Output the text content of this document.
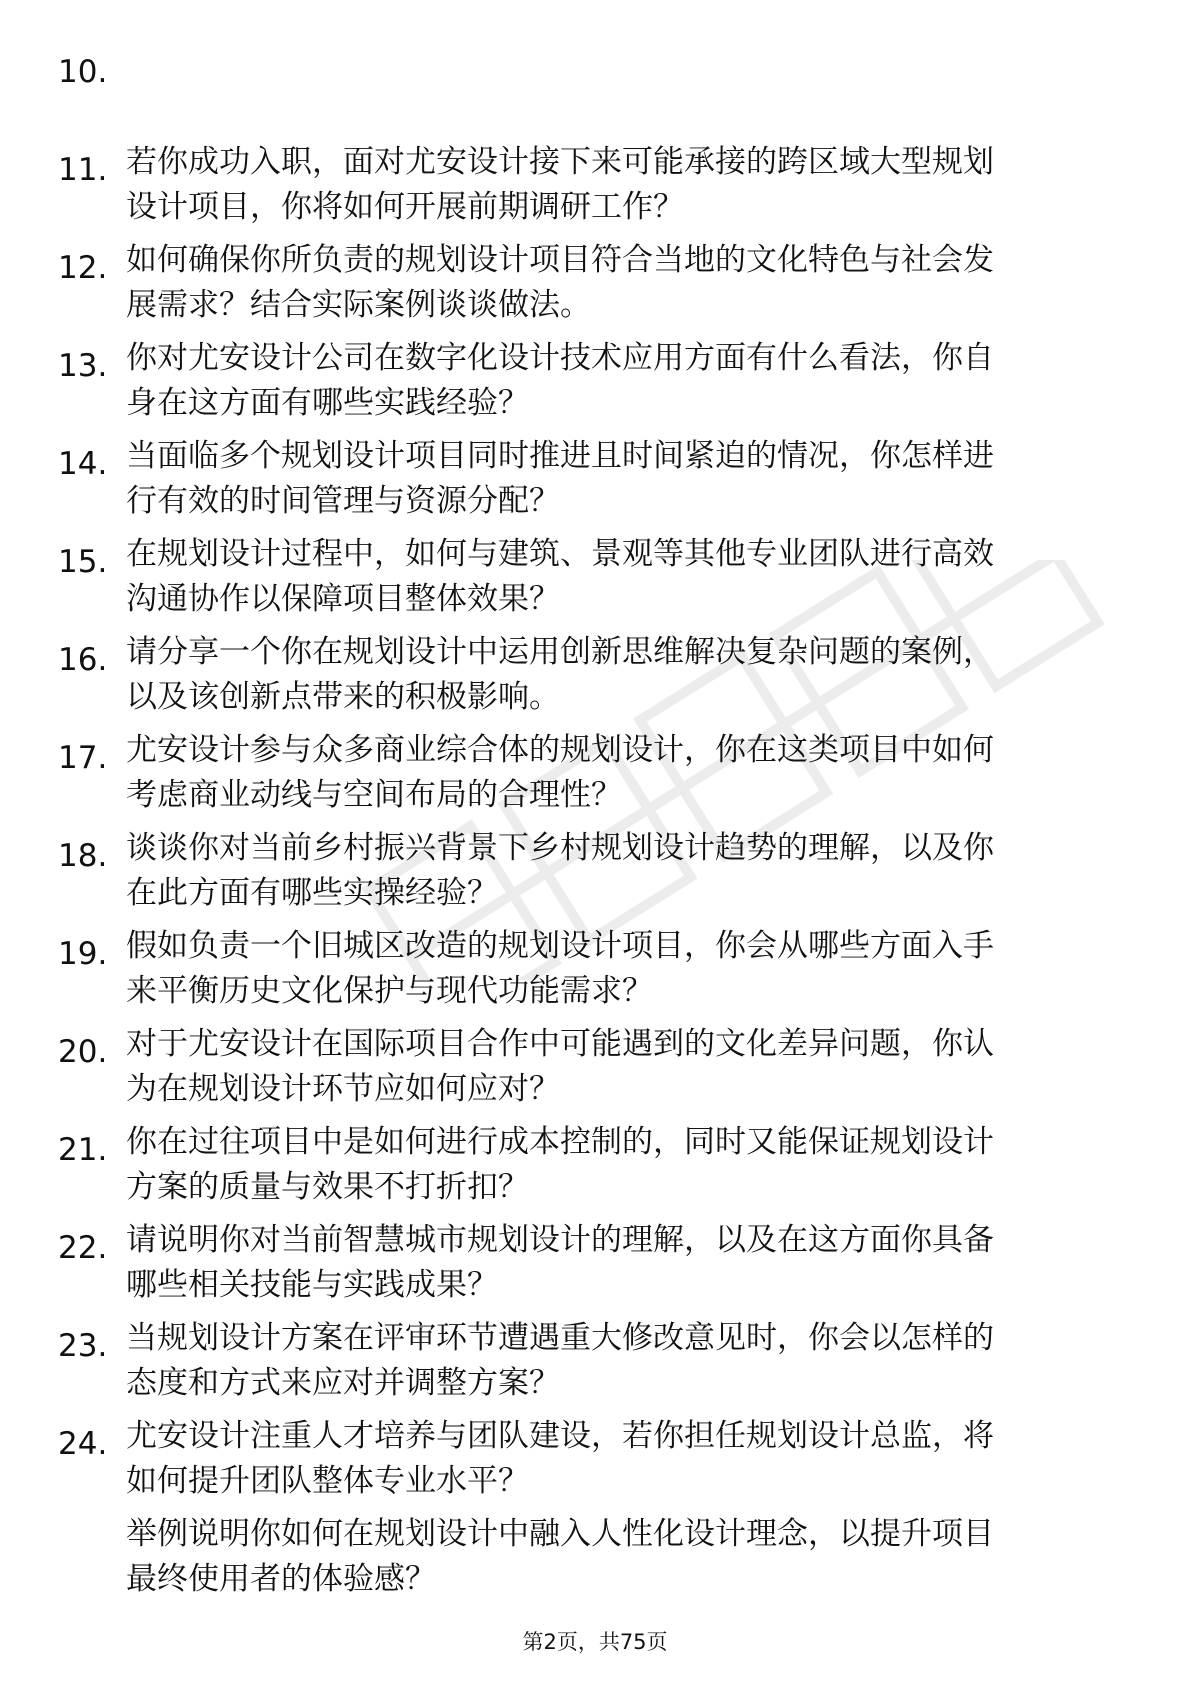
10.

若你成功入职，面对尤安设计接下来可能承接的跨区域大型规划
设计项目，你将如何开展前期调研工作？

11.

如何确保你所负责的规划设计项目符合当地的文化特色与社会发
展需求？结合实际案例谈谈做法。

12.

你对尤安设计公司在数字化设计技术应用方面有什么看法，你自
身在这方面有哪些实践经验？

13.

当面临多个规划设计项目同时推进且时间紧迫的情况，你怎样进
行有效的时间管理与资源分配？

14.

在规划设计过程中，如何与建筑、景观等其他专业团队进行高效
沟通协作以保障项目整体效果？

15.

请分享一个你在规划设计中运用创新思维解决复杂问题的案例，
以及该创新点带来的积极影响。

16.

尤安设计参与众多商业综合体的规划设计，你在这类项目中如何
考虑商业动线与空间布局的合理性？

17.

谈谈你对当前乡村振兴背景下乡村规划设计趋势的理解，以及你
在此方面有哪些实操经验？

18.

假如负责一个旧城区改造的规划设计项目，你会从哪些方面入手
来平衡历史文化保护与现代功能需求？

19.

对于尤安设计在国际项目合作中可能遇到的文化差异问题，你认
为在规划设计环节应如何应对？

20.

你在过往项目中是如何进行成本控制的，同时又能保证规划设计
方案的质量与效果不打折扣？

21.

请说明你对当前智慧城市规划设计的理解，以及在这方面你具备
哪些相关技能与实践成果？

22.

当规划设计方案在评审环节遭遇重大修改意见时，你会以怎样的
态度和方式来应对并调整方案？

23.

尤安设计注重人才培养与团队建设，若你担任规划设计总监，将
如何提升团队整体专业水平？

24.

举例说明你如何在规划设计中融入人性化设计理念，以提升项目
最终使用者的体验感？

第2页，共75页
